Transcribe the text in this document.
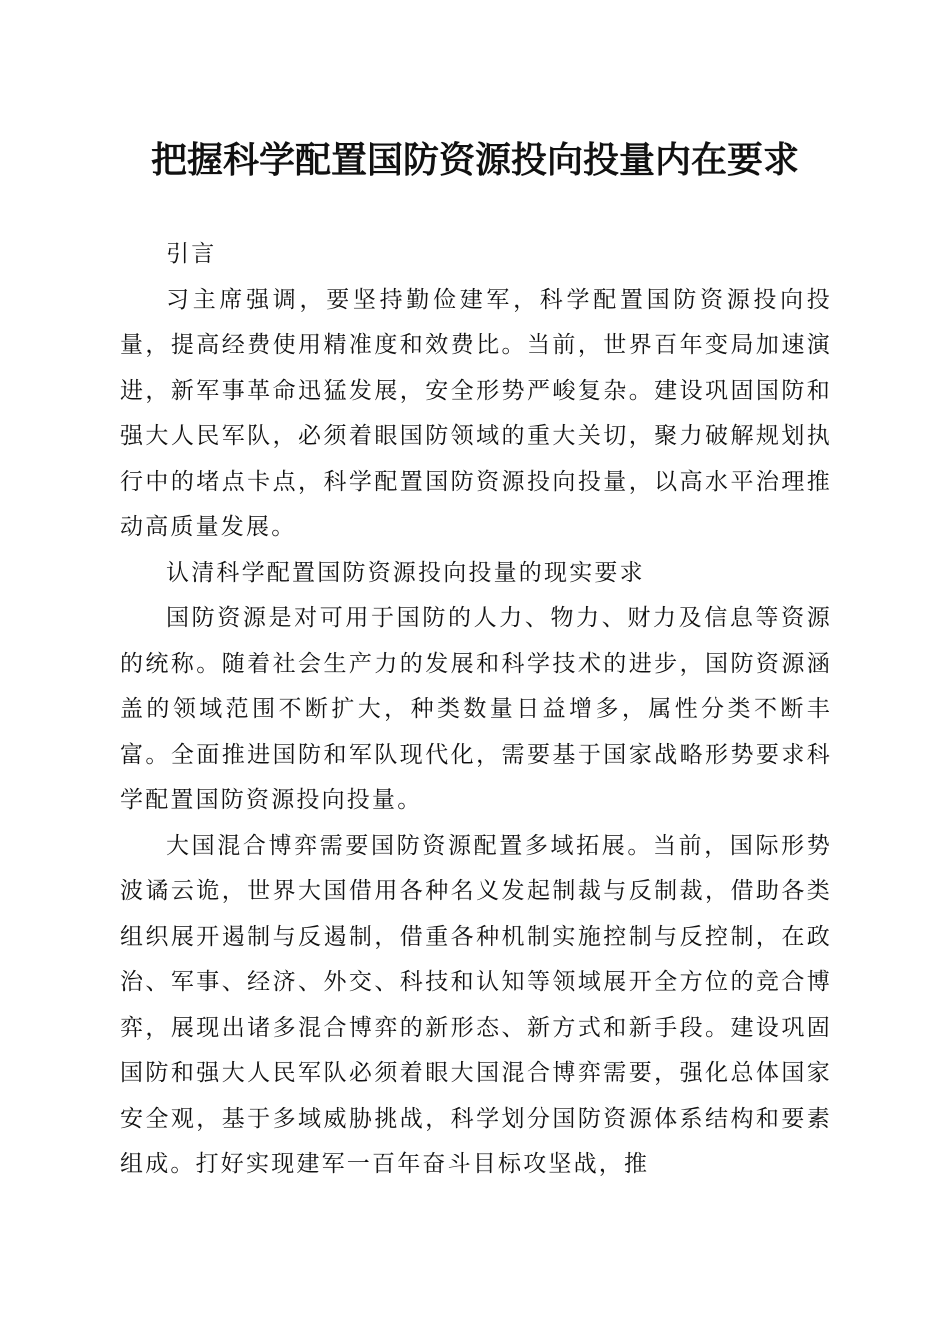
把握科学配置国防资源投向投量内在要求

引言

习主席强调，要坚持勤俭建军，科学配置国防资源投向投量，提高经费使用精准度和效费比。当前，世界百年变局加速演进，新军事革命迅猛发展，安全形势严峻复杂。建设巩固国防和强大人民军队，必须着眼国防领域的重大关切，聚力破解规划执行中的堵点卡点，科学配置国防资源投向投量，以高水平治理推动高质量发展。

认清科学配置国防资源投向投量的现实要求

国防资源是对可用于国防的人力、物力、财力及信息等资源的统称。随着社会生产力的发展和科学技术的进步，国防资源涵盖的领域范围不断扩大，种类数量日益增多，属性分类不断丰富。全面推进国防和军队现代化，需要基于国家战略形势要求科学配置国防资源投向投量。

大国混合博弈需要国防资源配置多域拓展。当前，国际形势波谲云诡，世界大国借用各种名义发起制裁与反制裁，借助各类组织展开遏制与反遏制，借重各种机制实施控制与反控制，在政治、军事、经济、外交、科技和认知等领域展开全方位的竞合博弈，展现出诸多混合博弈的新形态、新方式和新手段。建设巩固国防和强大人民军队必须着眼大国混合博弈需要，强化总体国家安全观，基于多域威胁挑战，科学划分国防资源体系结构和要素组成。打好实现建军一百年奋斗目标攻坚战，推
